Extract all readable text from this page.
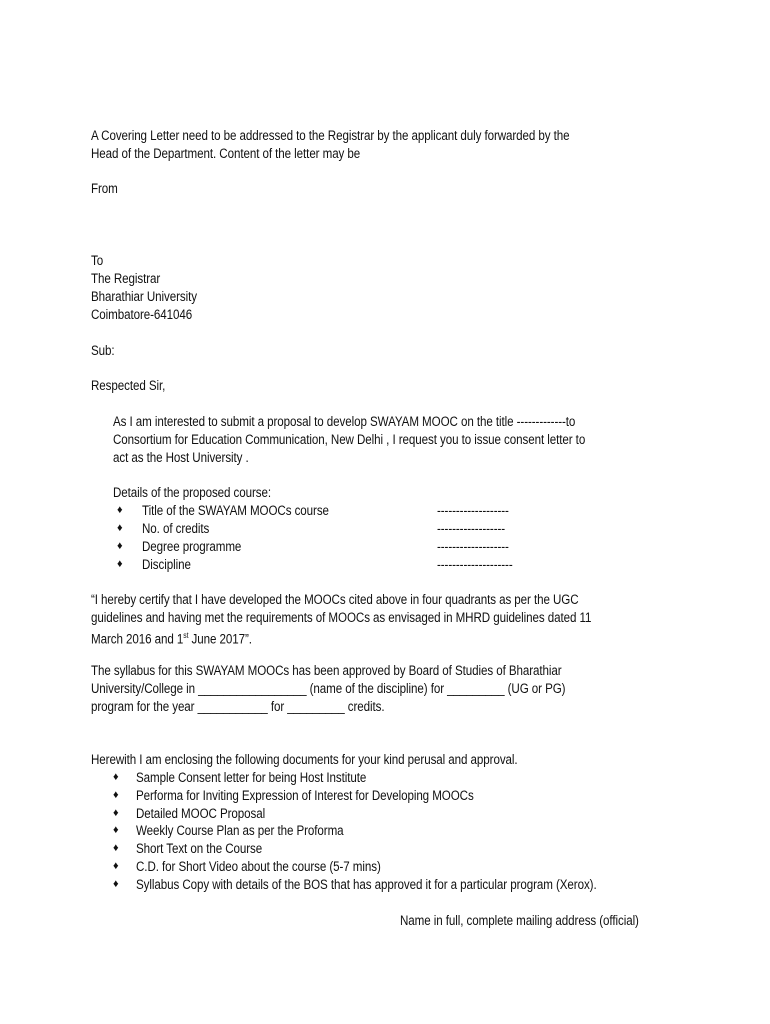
A Covering Letter need to be addressed to the Registrar by the applicant duly forwarded by the
Head of the Department. Content of the letter may be
From
To
The Registrar
Bharathiar University
Coimbatore-641046
Sub:
Respected Sir,
As I am interested to submit a proposal to develop SWAYAM MOOC on the title -------------to
Consortium for Education Communication, New Delhi , I request you to issue consent letter to
act as the Host University .
Details of the proposed course:
♦
Title of the SWAYAM MOOCs course	-------------------
♦
No. of credits	------------------
♦
Degree programme	-------------------
♦
Discipline	--------------------
“I hereby certify that I have developed the MOOCs cited above in four quadrants as per the UGC
guidelines and having met the requirements of MOOCs as envisaged in MHRD guidelines dated 11
March 2016 and 1st June 2017”.
The syllabus for this SWAYAM MOOCs has been approved by Board of Studies of Bharathiar
University/College in _________________ (name of the discipline) for _________ (UG or PG)
program for the year ___________ for _________ credits.
Herewith I am enclosing the following documents for your kind perusal and approval.
♦
Sample Consent letter for being Host Institute
♦
Performa for Inviting Expression of Interest for Developing MOOCs
♦
Detailed MOOC Proposal
♦
Weekly Course Plan as per the Proforma
♦
Short Text on the Course
♦
C.D. for Short Video about the course (5-7 mins)
♦
Syllabus Copy with details of the BOS that has approved it for a particular program (Xerox).
Name in full, complete mailing address (official)
